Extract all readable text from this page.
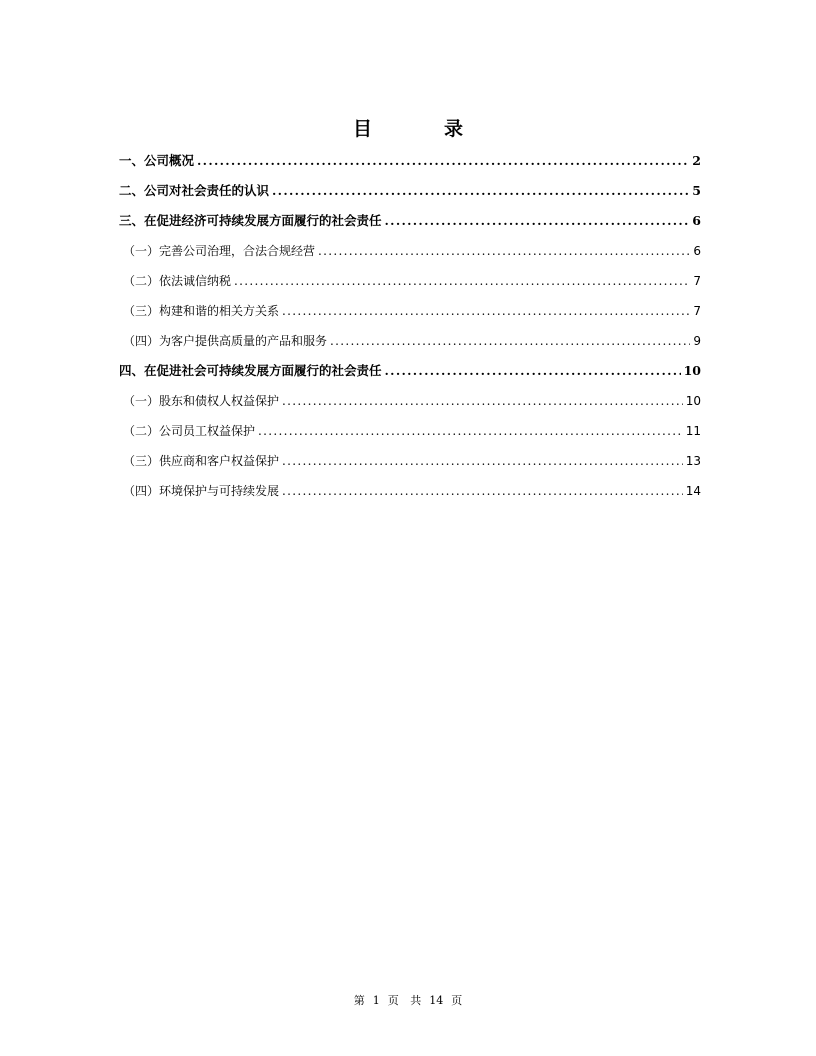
目	录
一、公司概况 .....	2
二、公司对社会责任的认识 .....	5
三、在促进经济可持续发展方面履行的社会责任 .....	6
（一）完善公司治理，合法合规经营 .....	6
（二）依法诚信纳税 .....	7
（三）构建和谐的相关方关系 .....	7
（四）为客户提供高质量的产品和服务 .....	9
四、在促进社会可持续发展方面履行的社会责任 .....	10
（一）股东和债权人权益保护 .....	10
（二）公司员工权益保护 .....	11
（三）供应商和客户权益保护 .....	13
（四）环境保护与可持续发展 .....	14
第 1 页 共 14 页
